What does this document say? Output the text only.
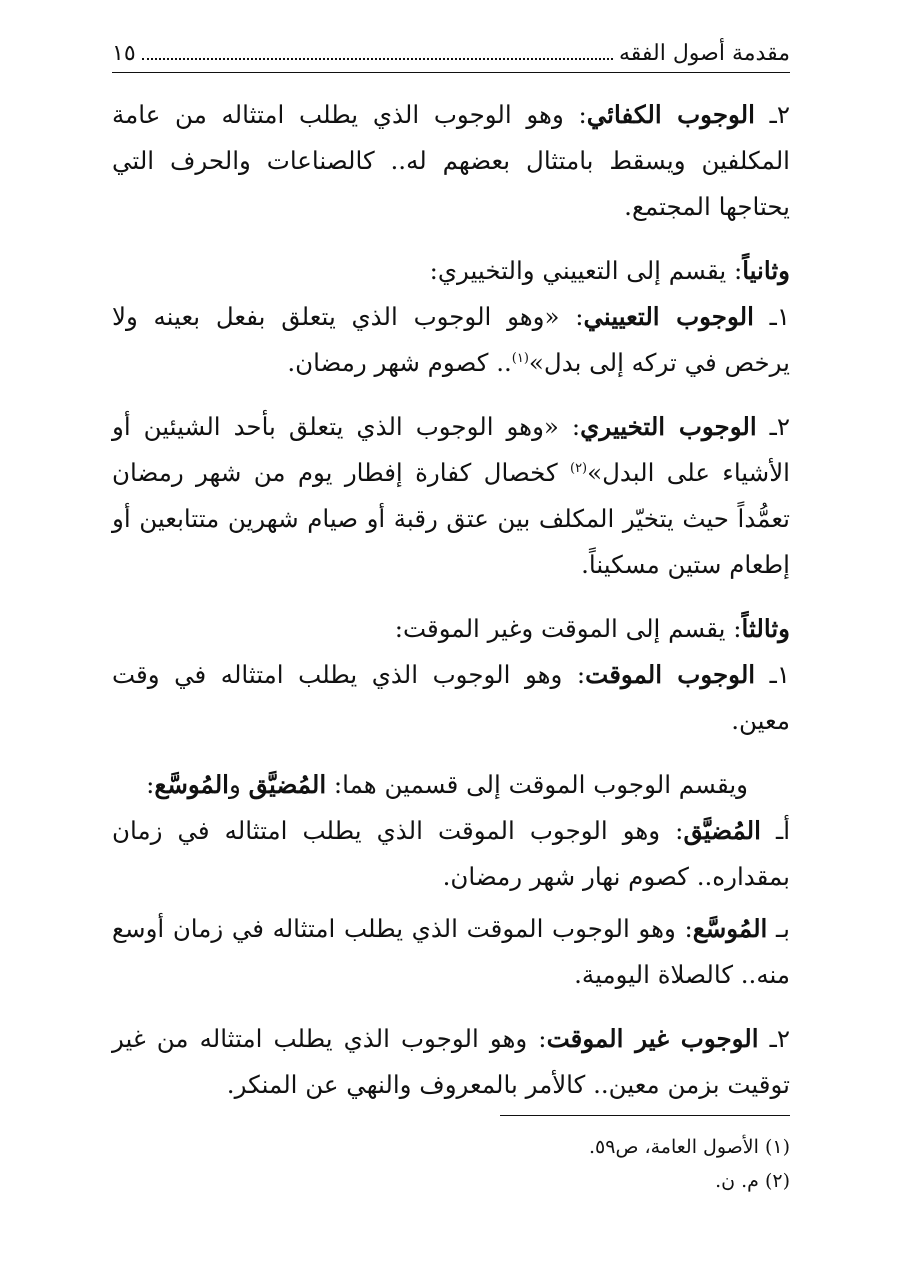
مقدمة أصول الفقه
١٥

٢ـ الوجوب الكفائي: وهو الوجوب الذي يطلب امتثاله من عامة المكلفين ويسقط بامتثال بعضهم له.. كالصناعات والحرف التي يحتاجها المجتمع.

وثانياً: يقسم إلى التعييني والتخييري:

١ـ الوجوب التعييني: «وهو الوجوب الذي يتعلق بفعل بعينه ولا يرخص في تركه إلى بدل»$^{(١)}$.. كصوم شهر رمضان.

٢ـ الوجوب التخييري: «وهو الوجوب الذي يتعلق بأحد الشيئين أو الأشياء على البدل»$^{(٢)}$ كخصال كفارة إفطار يوم من شهر رمضان تعمُّداً حيث يتخيّر المكلف بين عتق رقبة أو صيام شهرين متتابعين أو إطعام ستين مسكيناً.

وثالثاً: يقسم إلى الموقت وغير الموقت:

١ـ الوجوب الموقت: وهو الوجوب الذي يطلب امتثاله في وقت معين.

ويقسم الوجوب الموقت إلى قسمين هما: المُضيَّق والمُوسَّع:

أـ المُضيَّق: وهو الوجوب الموقت الذي يطلب امتثاله في زمان بمقداره.. كصوم نهار شهر رمضان.

بـ المُوسَّع: وهو الوجوب الموقت الذي يطلب امتثاله في زمان أوسع منه.. كالصلاة اليومية.

٢ـ الوجوب غير الموقت: وهو الوجوب الذي يطلب امتثاله من غير توقيت بزمن معين.. كالأمر بالمعروف والنهي عن المنكر.

(١) الأصول العامة، ص٥٩.
(٢) م. ن.
